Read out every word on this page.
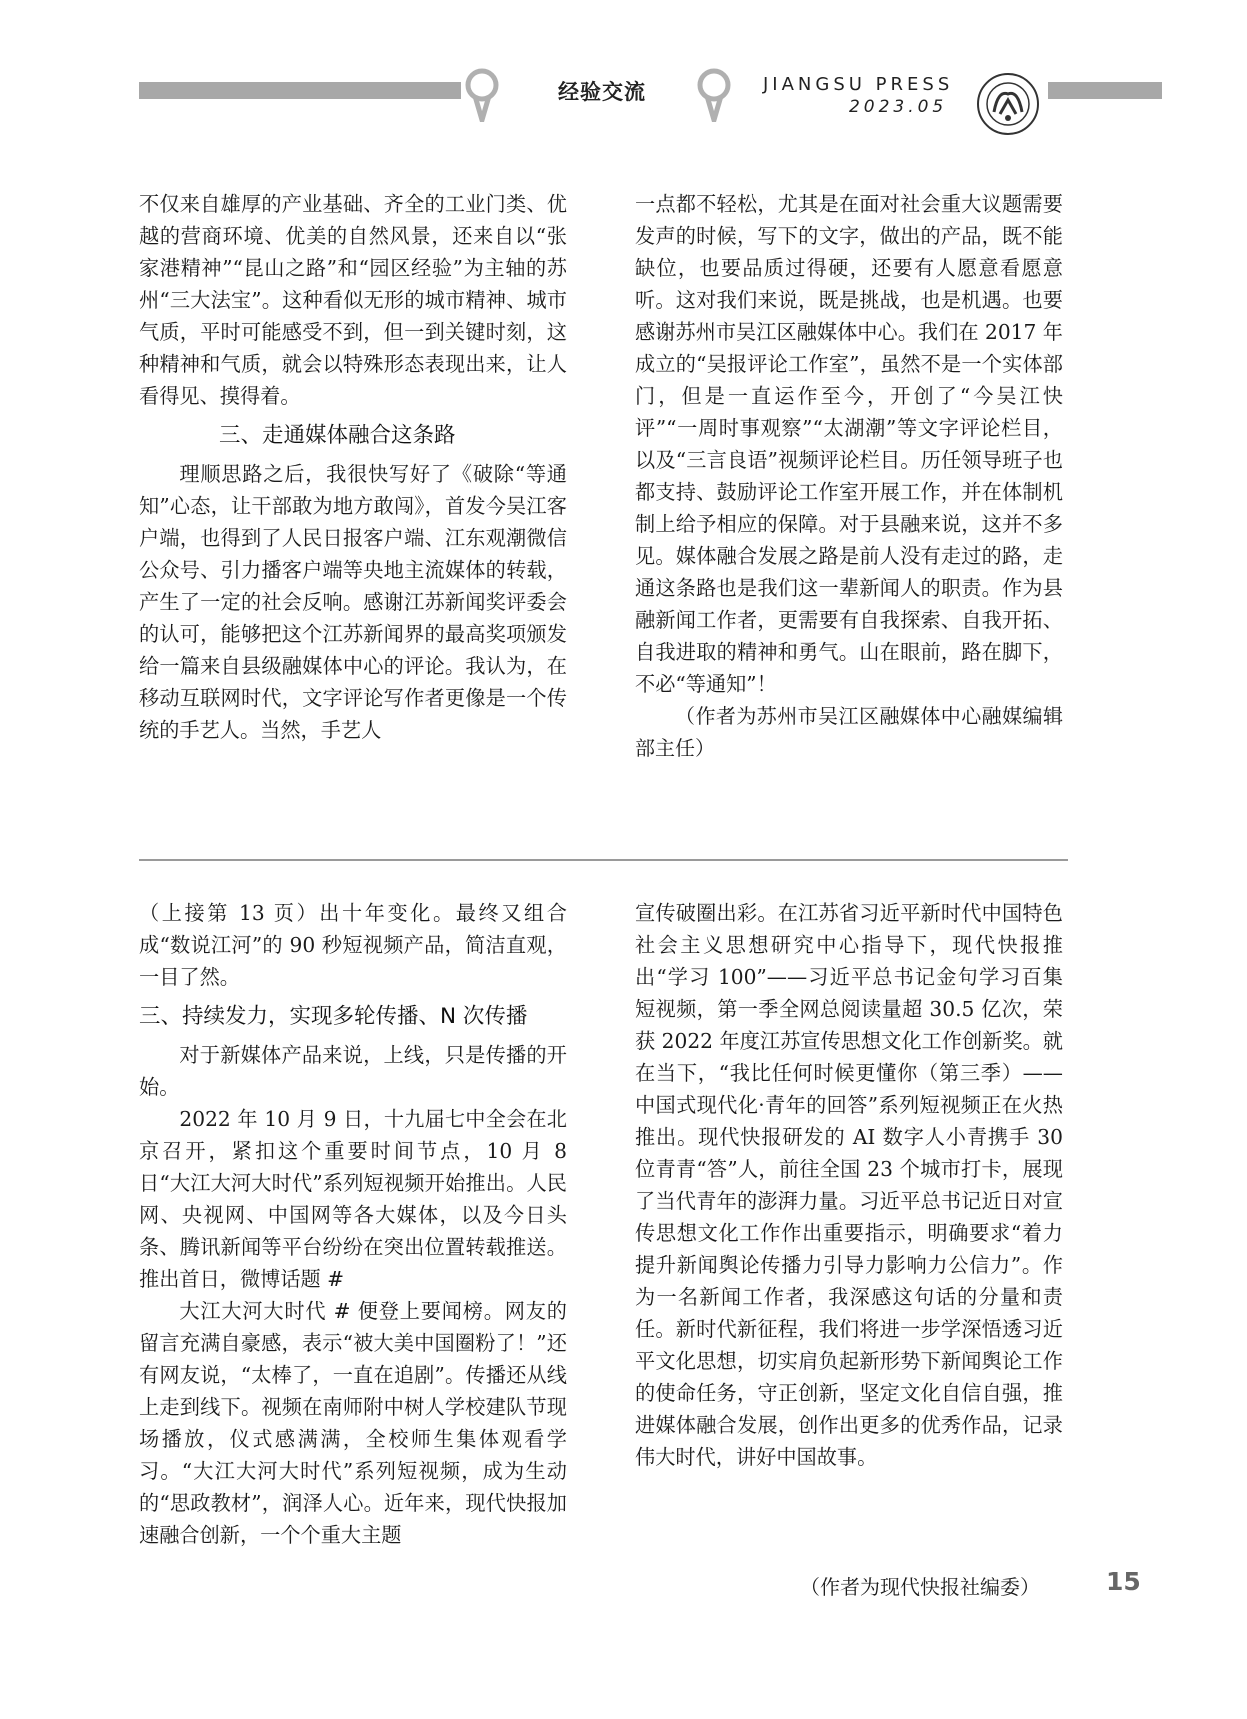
经验交流	JIANGSU PRESS
2023.05

不仅来自雄厚的产业基础、齐全的工业门类、优越的营商环境、优美的自然风景，还来自以“张家港精神”“昆山之路”和“园区经验”为主轴的苏州“三大法宝”。这种看似无形的城市精神、城市气质，平时可能感受不到，但一到关键时刻，这种精神和气质，就会以特殊形态表现出来，让人看得见、摸得着。

三、走通媒体融合这条路

理顺思路之后，我很快写好了《破除“等通知”心态，让干部敢为地方敢闯》，首发今吴江客户端，也得到了人民日报客户端、江东观潮微信公众号、引力播客户端等央地主流媒体的转载，产生了一定的社会反响。感谢江苏新闻奖评委会的认可，能够把这个江苏新闻界的最高奖项颁发给一篇来自县级融媒体中心的评论。我认为，在移动互联网时代，文字评论写作者更像是一个传统的手艺人。当然，手艺人

一点都不轻松，尤其是在面对社会重大议题需要发声的时候，写下的文字，做出的产品，既不能缺位，也要品质过得硬，还要有人愿意看愿意听。这对我们来说，既是挑战，也是机遇。也要感谢苏州市吴江区融媒体中心。我们在 2017 年成立的“吴报评论工作室”，虽然不是一个实体部门，但是一直运作至今，开创了“今吴江快评”“一周时事观察”“太湖潮”等文字评论栏目，以及“三言良语”视频评论栏目。历任领导班子也都支持、鼓励评论工作室开展工作，并在体制机制上给予相应的保障。对于县融来说，这并不多见。媒体融合发展之路是前人没有走过的路，走通这条路也是我们这一辈新闻人的职责。作为县融新闻工作者，更需要有自我探索、自我开拓、自我进取的精神和勇气。山在眼前，路在脚下，不必“等通知”！

（作者为苏州市吴江区融媒体中心融媒编辑部主任）

（上接第 13 页）出十年变化。最终又组合成“数说江河”的 90 秒短视频产品，简洁直观，一目了然。

三、持续发力，实现多轮传播、N 次传播

对于新媒体产品来说，上线，只是传播的开始。

2022 年 10 月 9 日，十九届七中全会在北京召开，紧扣这个重要时间节点，10 月 8 日“大江大河大时代”系列短视频开始推出。人民网、央视网、中国网等各大媒体，以及今日头条、腾讯新闻等平台纷纷在突出位置转载推送。推出首日，微博话题 #

大江大河大时代 # 便登上要闻榜。网友的留言充满自豪感，表示“被大美中国圈粉了！”还有网友说，“太棒了，一直在追剧”。传播还从线上走到线下。视频在南师附中树人学校建队节现场播放，仪式感满满，全校师生集体观看学习。“大江大河大时代”系列短视频，成为生动的“思政教材”，润泽人心。近年来，现代快报加速融合创新，一个个重大主题

宣传破圈出彩。在江苏省习近平新时代中国特色社会主义思想研究中心指导下，现代快报推出“学习 100”——习近平总书记金句学习百集短视频，第一季全网总阅读量超 30.5 亿次，荣获 2022 年度江苏宣传思想文化工作创新奖。就在当下，“我比任何时候更懂你（第三季）——中国式现代化·青年的回答”系列短视频正在火热推出。现代快报研发的 AI 数字人小青携手 30 位青青“答”人，前往全国 23 个城市打卡，展现了当代青年的澎湃力量。习近平总书记近日对宣传思想文化工作作出重要指示，明确要求“着力提升新闻舆论传播力引导力影响力公信力”。作为一名新闻工作者，我深感这句话的分量和责任。新时代新征程，我们将进一步学深悟透习近平文化思想，切实肩负起新形势下新闻舆论工作的使命任务，守正创新，坚定文化自信自强，推进媒体融合发展，创作出更多的优秀作品，记录伟大时代，讲好中国故事。

（作者为现代快报社编委）	15
